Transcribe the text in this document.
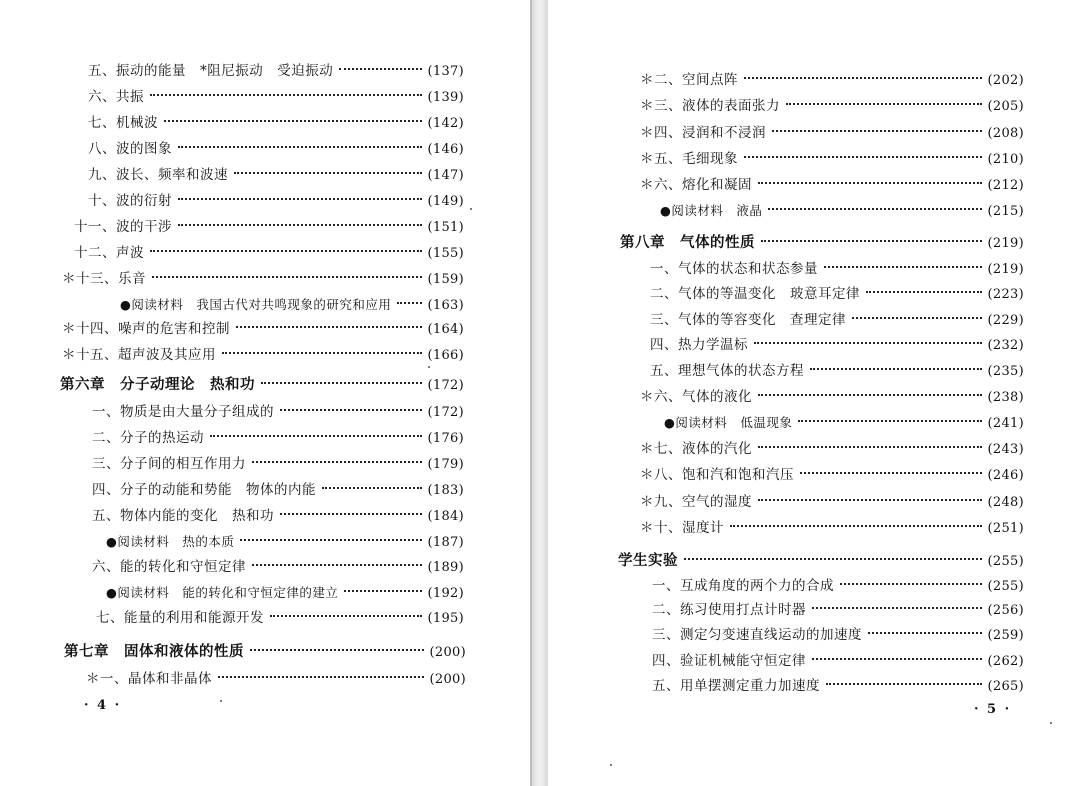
五、振动的能量　*阻尼振动　受迫振动	(137)
六、共振	(139)
七、机械波	(142)
八、波的图象	(146)
九、波长、频率和波速	(147)
十、波的衍射	(149)
十一、波的干涉	(151)
十二、声波	(155)
＊十三、乐音	(159)
●阅读材料　我国古代对共鸣现象的研究和应用	(163)
＊十四、噪声的危害和控制	(164)
＊十五、超声波及其应用	(166)
第六章　分子动理论　热和功	(172)
一、物质是由大量分子组成的	(172)
二、分子的热运动	(176)
三、分子间的相互作用力	(179)
四、分子的动能和势能　物体的内能	(183)
五、物体内能的变化　热和功	(184)
●阅读材料　热的本质	(187)
六、能的转化和守恒定律	(189)
●阅读材料　能的转化和守恒定律的建立	(192)
七、能量的利用和能源开发	(195)
第七章　固体和液体的性质	(200)
＊一、晶体和非晶体	(200)
· 4 ·
＊二、空间点阵	(202)
＊三、液体的表面张力	(205)
＊四、浸润和不浸润	(208)
＊五、毛细现象	(210)
＊六、熔化和凝固	(212)
●阅读材料　液晶	(215)
第八章　气体的性质	(219)
一、气体的状态和状态参量	(219)
二、气体的等温变化　玻意耳定律	(223)
三、气体的等容变化　查理定律	(229)
四、热力学温标	(232)
五、理想气体的状态方程	(235)
＊六、气体的液化	(238)
●阅读材料　低温现象	(241)
＊七、液体的汽化	(243)
＊八、饱和汽和饱和汽压	(246)
＊九、空气的湿度	(248)
＊十、湿度计	(251)
学生实验	(255)
一、互成角度的两个力的合成	(255)
二、练习使用打点计时器	(256)
三、测定匀变速直线运动的加速度	(259)
四、验证机械能守恒定律	(262)
五、用单摆测定重力加速度	(265)
· 5 ·
